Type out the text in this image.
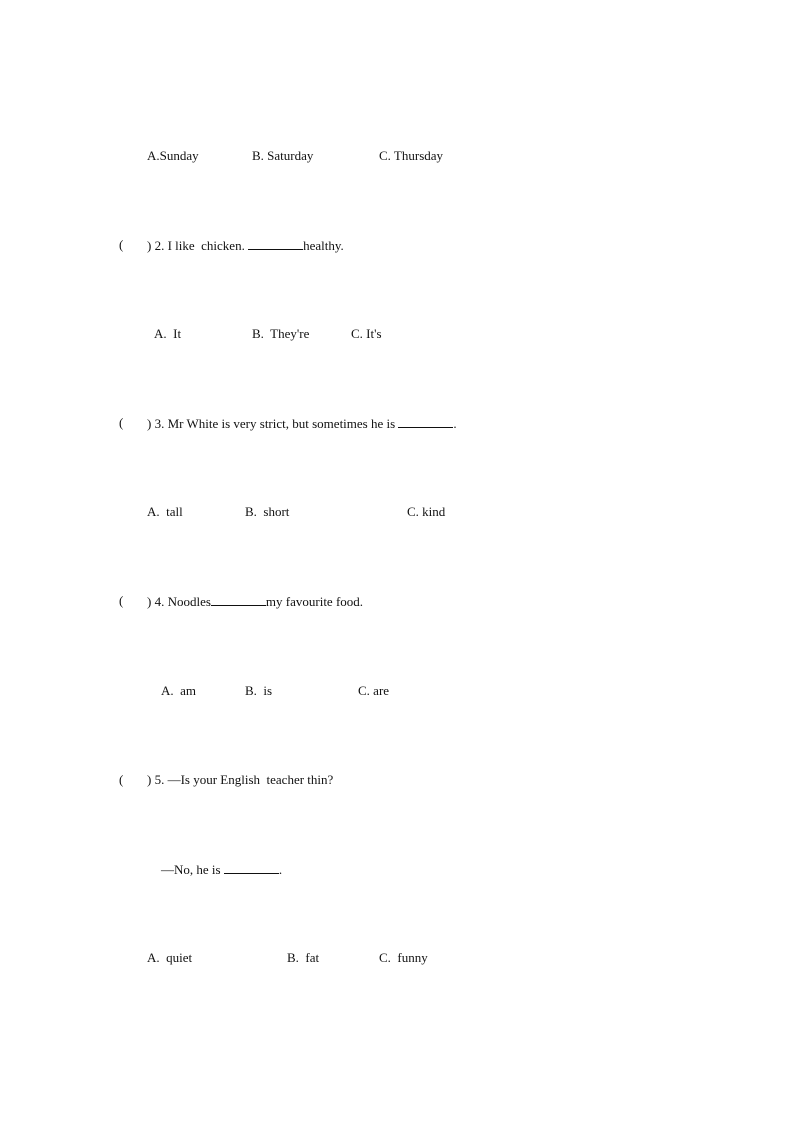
A.Sunday	B. Saturday	C. Thursday
( ) 2. I like  chicken.	healthy.
A.  It	B.  They're	C. It's
( ) 3. Mr White is very strict, but sometimes he is	.
A.  tall	B.  short	C. kind
( ) 4. Noodles	my favourite food.
A.  am	B.  is	C. are
( ) 5. —Is your English  teacher thin?
—No, he is	.
A.  quiet	B.  fat	C.  funny
